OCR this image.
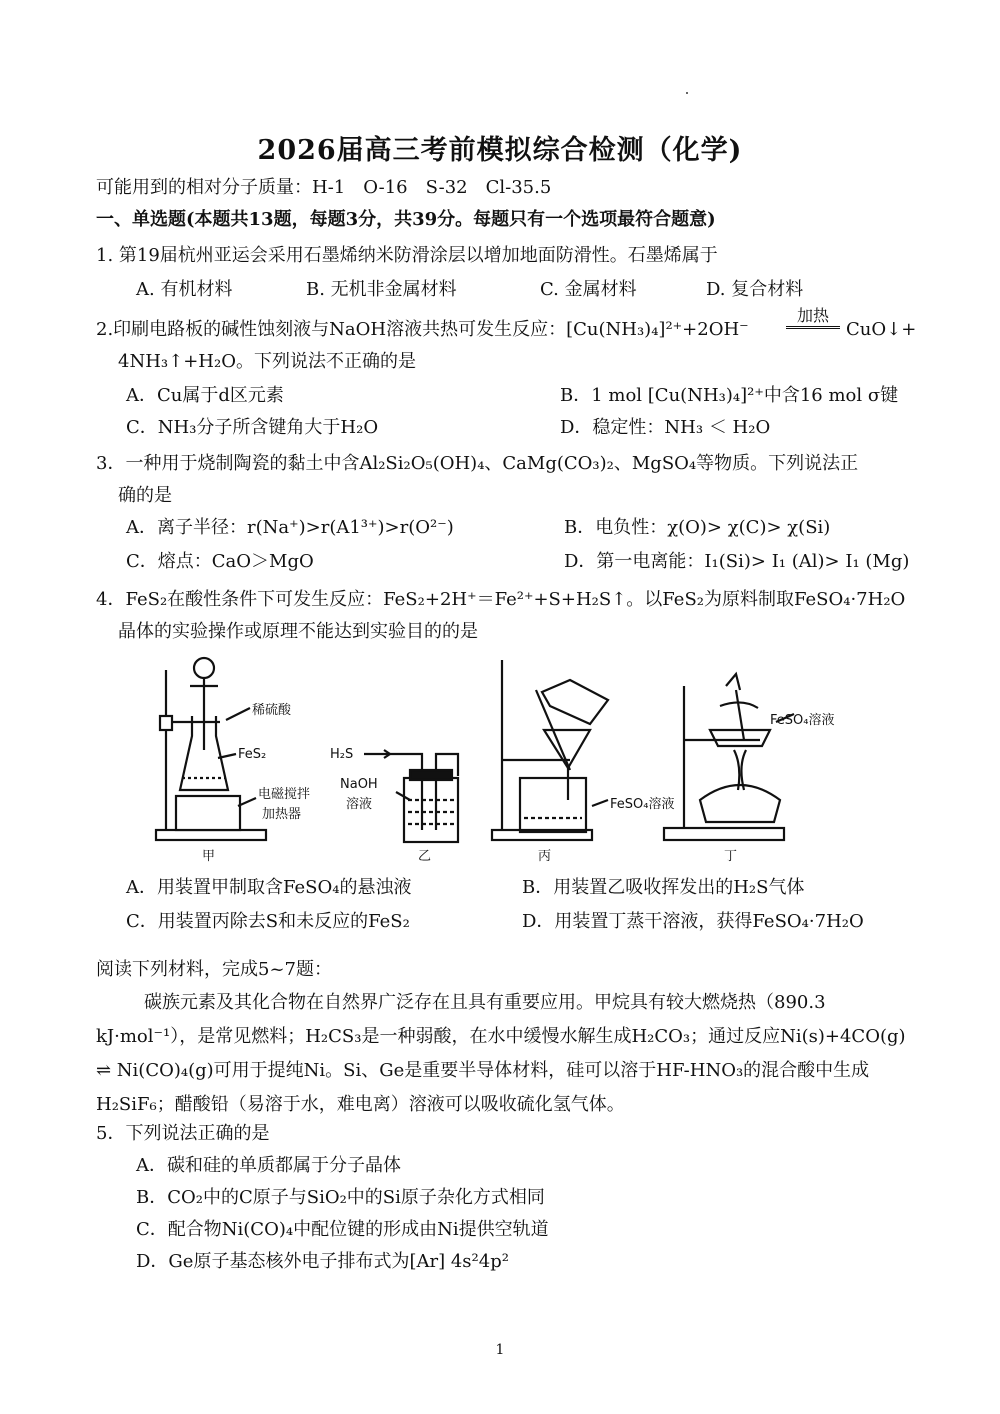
2026届高三考前模拟综合检测（化学)
可能用到的相对分子质量：H-1　O-16　S-32　Cl-35.5
一、单选题(本题共13题，每题3分，共39分。每题只有一个选项最符合题意)
1. 第19届杭州亚运会采用石墨烯纳米防滑涂层以增加地面防滑性。石墨烯属于
A. 有机材料	B. 无机非金属材料	C. 金属材料	D. 复合材料
2.印刷电路板的碱性蚀刻液与NaOH溶液共热可发生反应：[Cu(NH₃)₄]²⁺+2OH⁻
加热
CuO↓+
4NH₃↑+H₂O。下列说法不正确的是
A．Cu属于d区元素	B．1 mol [Cu(NH₃)₄]²⁺中含16 mol σ键
C．NH₃分子所含键角大于H₂O	D．稳定性：NH₃ ＜ H₂O
3．一种用于烧制陶瓷的黏土中含Al₂Si₂O₅(OH)₄、CaMg(CO₃)₂、MgSO₄等物质。下列说法正
确的是
A．离子半径：r(Na⁺)>r(A1³⁺)>r(O²⁻)	B．电负性：χ(O)> χ(C)> χ(Si)
C．熔点：CaO＞MgO	D．第一电离能：I₁(Si)> I₁ (Al)> I₁ (Mg)
4．FeS₂在酸性条件下可发生反应：FeS₂+2H⁺＝Fe²⁺+S+H₂S↑。以FeS₂为原料制取FeSO₄·7H₂O
晶体的实验操作或原理不能达到实验目的的是
稀硫酸
FeS₂
电磁搅拌
加热器
H₂S
NaOH
溶液	FeSO₄溶液
FeSO₄溶液
甲	乙	丙	丁
A．用装置甲制取含FeSO₄的悬浊液	B．用装置乙吸收挥发出的H₂S气体
C．用装置丙除去S和未反应的FeS₂	D．用装置丁蒸干溶液，获得FeSO₄·7H₂O
阅读下列材料，完成5~7题：
碳族元素及其化合物在自然界广泛存在且具有重要应用。甲烷具有较大燃烧热（890.3 kJ·mol⁻¹），是常见燃料；H₂CS₃是一种弱酸，在水中缓慢水解生成H₂CO₃；通过反应Ni(s)+4CO(g) ⇌ Ni(CO)₄(g)可用于提纯Ni。Si、Ge是重要半导体材料，硅可以溶于HF-HNO₃的混合酸中生成H₂SiF₆；醋酸铅（易溶于水，难电离）溶液可以吸收硫化氢气体。
5．下列说法正确的是
A．碳和硅的单质都属于分子晶体
B．CO₂中的C原子与SiO₂中的Si原子杂化方式相同
C．配合物Ni(CO)₄中配位键的形成由Ni提供空轨道
D．Ge原子基态核外电子排布式为[Ar] 4s²4p²
1
